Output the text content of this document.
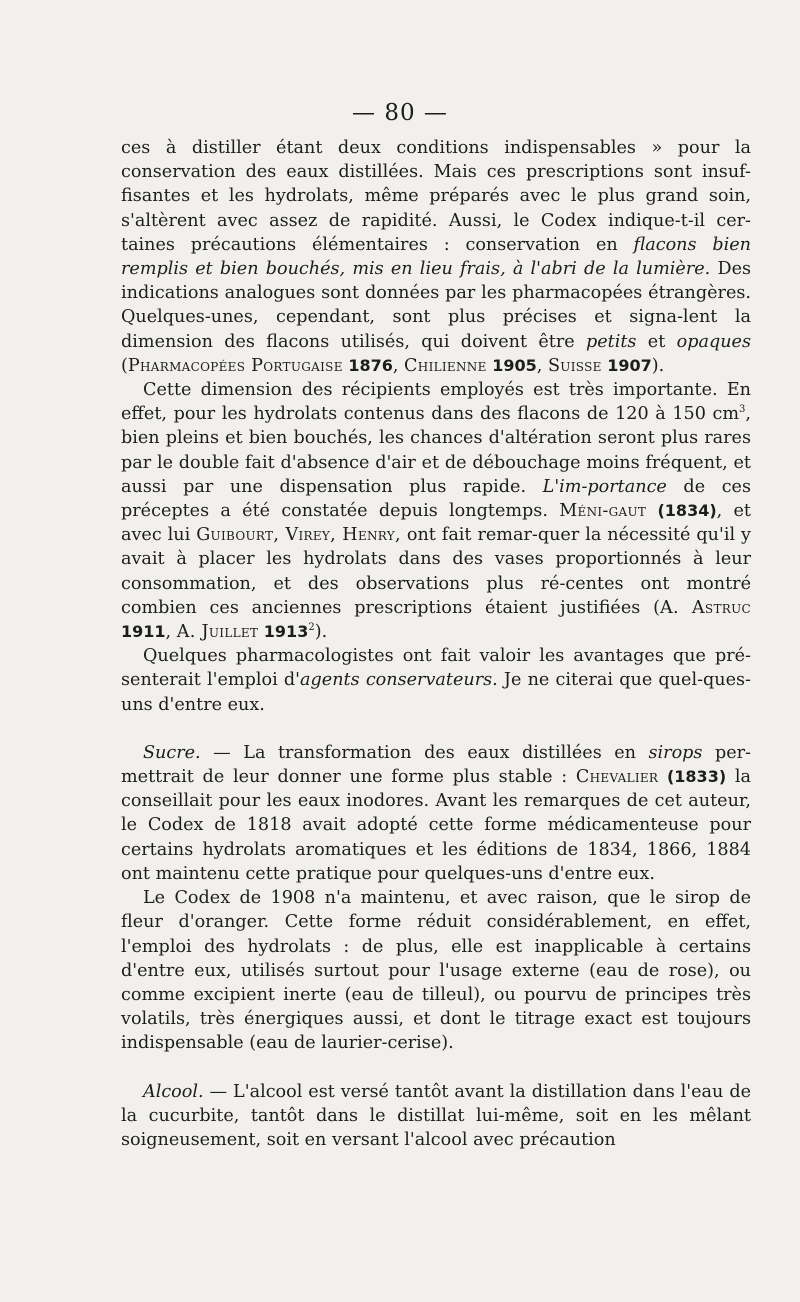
— 80 —

ces à distiller étant deux conditions indispensables » pour la conservation des eaux distillées. Mais ces prescriptions sont insuf-fisantes et les hydrolats, même préparés avec le plus grand soin, s'altèrent avec assez de rapidité. Aussi, le Codex indique-t-il cer-taines précautions élémentaires : conservation en flacons bien remplis et bien bouchés, mis en lieu frais, à l'abri de la lumière. Des indications analogues sont données par les pharmacopées étrangères. Quelques-unes, cependant, sont plus précises et signa-lent la dimension des flacons utilisés, qui doivent être petits et opaques (Pharmacopées Portugaise 1876, Chilienne 1905, Suisse 1907).

Cette dimension des récipients employés est très importante. En effet, pour les hydrolats contenus dans des flacons de 120 à 150 $cm^3$, bien pleins et bien bouchés, les chances d'altération seront plus rares par le double fait d'absence d'air et de débouchage moins fréquent, et aussi par une dispensation plus rapide. L'im-portance de ces préceptes a été constatée depuis longtemps. Méni-gaut (1834), et avec lui Guibourt, Virey, Henry, ont fait remar-quer la nécessité qu'il y avait à placer les hydrolats dans des vases proportionnés à leur consommation, et des observations plus ré-centes ont montré combien ces anciennes prescriptions étaient justifiées (A. Astruc 1911, A. Juillet 1913$^2$).

Quelques pharmacologistes ont fait valoir les avantages que pré-senterait l'emploi d'agents conservateurs. Je ne citerai que quel-ques-uns d'entre eux.

Sucre. — La transformation des eaux distillées en sirops per-mettrait de leur donner une forme plus stable : Chevalier (1833) la conseillait pour les eaux inodores. Avant les remarques de cet auteur, le Codex de 1818 avait adopté cette forme médicamenteuse pour certains hydrolats aromatiques et les éditions de 1834, 1866, 1884 ont maintenu cette pratique pour quelques-uns d'entre eux.

Le Codex de 1908 n'a maintenu, et avec raison, que le sirop de fleur d'oranger. Cette forme réduit considérablement, en effet, l'emploi des hydrolats : de plus, elle est inapplicable à certains d'entre eux, utilisés surtout pour l'usage externe (eau de rose), ou comme excipient inerte (eau de tilleul), ou pourvu de principes très volatils, très énergiques aussi, et dont le titrage exact est toujours indispensable (eau de laurier-cerise).

Alcool. — L'alcool est versé tantôt avant la distillation dans l'eau de la cucurbite, tantôt dans le distillat lui-même, soit en les mêlant soigneusement, soit en versant l'alcool avec précaution
